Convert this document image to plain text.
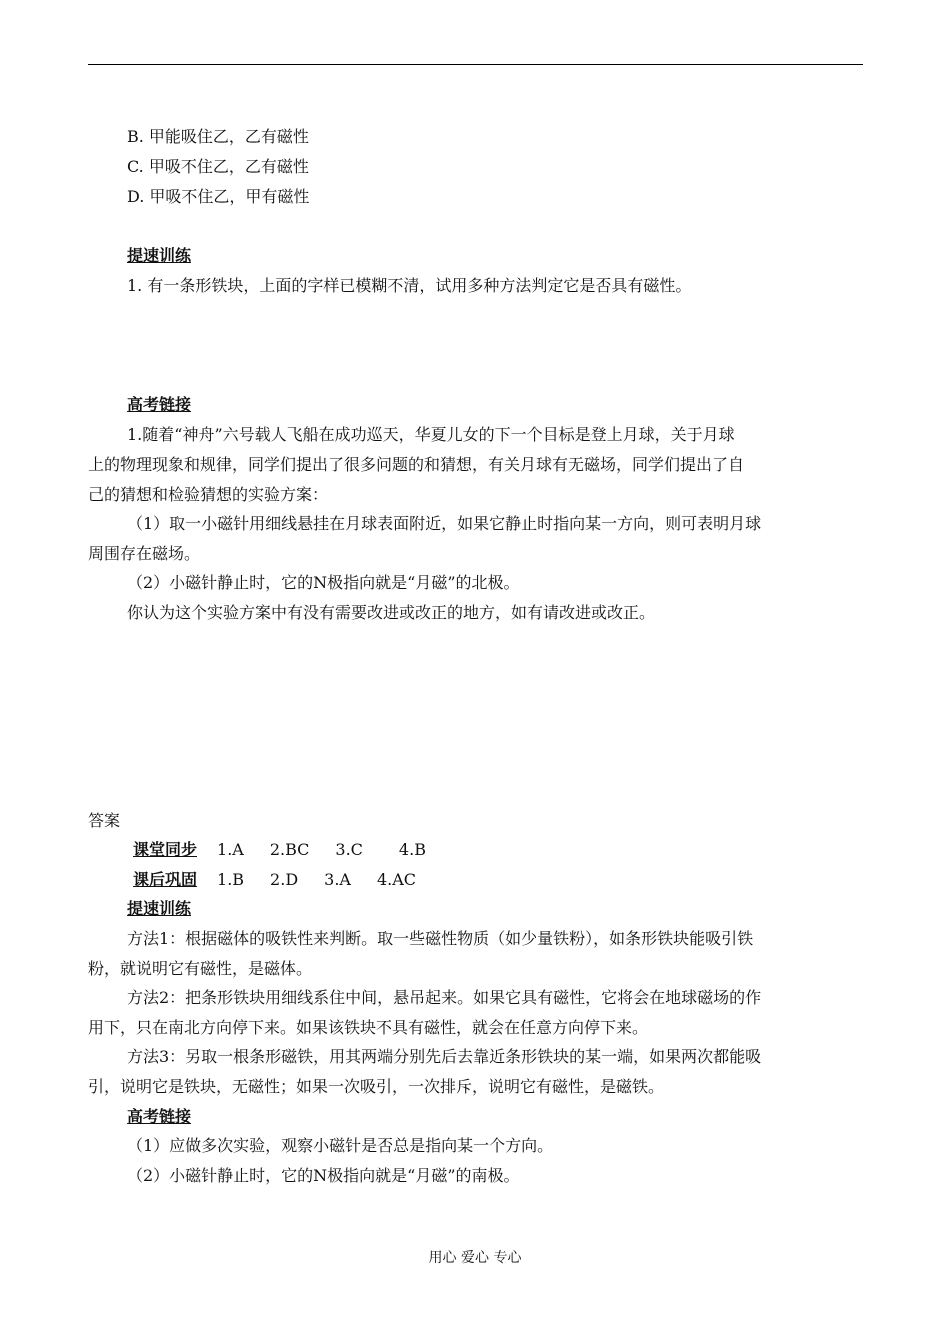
B. 甲能吸住乙，乙有磁性
C. 甲吸不住乙，乙有磁性
D. 甲吸不住乙，甲有磁性
提速训练
1. 有一条形铁块，上面的字样已模糊不清，试用多种方法判定它是否具有磁性。
高考链接
1.随着“神舟”六号载人飞船在成功巡天，华夏儿女的下一个目标是登上月球，关于月球
上的物理现象和规律，同学们提出了很多问题的和猜想，有关月球有无磁场，同学们提出了自
己的猜想和检验猜想的实验方案：
（1）取一小磁针用细线悬挂在月球表面附近，如果它静止时指向某一方向，则可表明月球
周围存在磁场。
（2）小磁针静止时，它的N极指向就是“月磁”的北极。
你认为这个实验方案中有没有需要改进或改正的地方，如有请改进或改正。
答案
课堂同步 1.A 2.BC 3.C 4.B
课后巩固 1.B 2.D 3.A 4.AC
提速训练
方法1：根据磁体的吸铁性来判断。取一些磁性物质（如少量铁粉），如条形铁块能吸引铁
粉，就说明它有磁性，是磁体。
方法2：把条形铁块用细线系住中间，悬吊起来。如果它具有磁性，它将会在地球磁场的作
用下，只在南北方向停下来。如果该铁块不具有磁性，就会在任意方向停下来。
方法3：另取一根条形磁铁，用其两端分别先后去靠近条形铁块的某一端，如果两次都能吸
引，说明它是铁块，无磁性；如果一次吸引，一次排斥，说明它有磁性，是磁铁。
高考链接
（1）应做多次实验，观察小磁针是否总是指向某一个方向。
（2）小磁针静止时，它的N极指向就是“月磁”的南极。
用心 爱心 专心
